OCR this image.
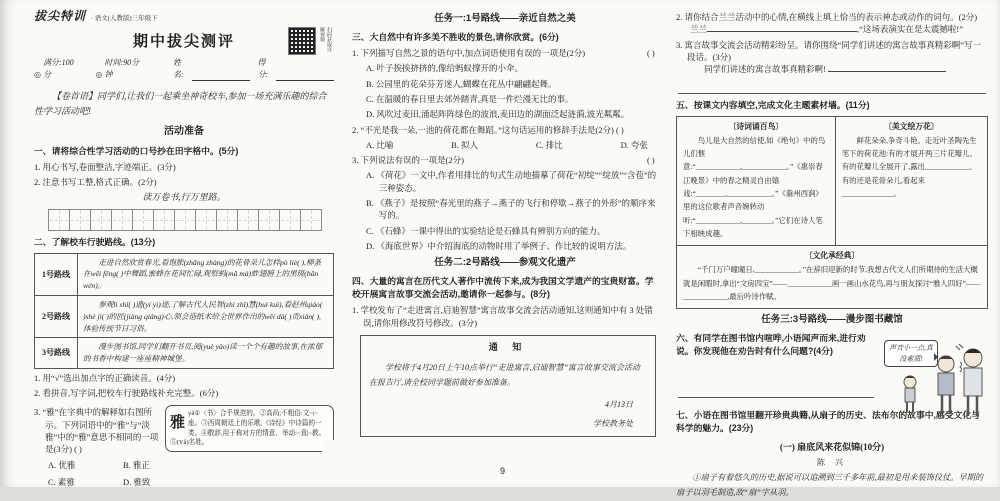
拔尖特训 · 语文(人教版)三年级下
期中拔尖测评	扫码获取详解视频
◎
满分:100分	◎
时间:90分钟
姓名:
得分:
【卷首语】同学们,让我们一起乘坐神奇校车,参加一场充满乐趣的综合性学习活动吧!
活动准备
一、请将综合性学习活动的口号抄在田字格中。(5分)
1. 用心书写,卷面整洁,字迹端正。(3分)
2. 注意书写工整,格式正确。(2分)
读万卷书,行万里路。
二、了解校车行驶路线。(13分)
1号路线	走进自然欣赏春光,看饱胀(zhǎng zhàng)的花骨朵儿怎样pò liè( ),柳条在wēi fēng( )中舞蹈,蜜蜂在花间忙碌,观察蚂(mǎ mà)蚱翅膀上的黑斑(bān wén)。

2号路线	参观lì shǐ( )遗(yí yì)迹,了解古代人民智(zhì zhǐ)慧(huì kuì),看赵州qiáo( )shè jì( )的匠(jiàng qiáng)心,领会造纸术给全世界作出的wěi dà( )贡xiàn( ),体验传统节日习俗。

3号路线	漫步图书馆,同学们翻开书页,阅(yuè yào)读一个个有趣的故事,在浓郁的书香中构建一座座精神城堡。
1. 用“√”选出加点字的正确读音。(4分)
2. 看拼音,写字词,把校车行驶路线补充完整。(6分)
雅
yǎ①〈书〉合乎规范的。②高尚;不粗俗:文~|~座。③西周朝廷上的乐歌,《诗经》中诗篇的一类。④敬辞,用于称对方的情意、举动:~意|~教。⑤(Yǎ)名姓。
3. “雅”在字典中的解释如右图所示。下列词语中的“雅”与“淡雅”中的“雅”意思不相同的一项是(3分) ( )
A. 优雅	B. 雅正
C. 素雅	D. 雅致
任务一:1号路线——亲近自然之美
三、大自然中有许多美不胜收的景色,请你欣赏。(6分)
( )
1. 下列描写自然之景的语句中,加点词语使用有误的一项是(2分)
A. 叶子挨挨挤挤的,像给蚂蚁撑开的小伞。
B. 公园里的花朵芬芳迷人,蝴蝶在花丛中翩翩起舞。
C. 在温暖的春日里去郊外踏青,真是一件烂漫无比的事。
D. 风吹过麦田,涌起阵阵绿色的波浪,麦田边的湖面泛起涟漪,波光粼粼。
2. “不光是我一朵,一池的荷花都在舞蹈。”这句话运用的修辞手法是(2分) ( )
A. 比喻	B. 拟人	C. 排比	D. 夸张
( )
3. 下列说法有误的一项是(2分)
A. 《荷花》一文中,作者用排比的句式生动地描摹了荷花“初绽”“绽放”“含苞”的三种姿态。
B. 《燕子》是按照“春光里的燕子→燕子的飞行和停歇→燕子的外形”的顺序来写的。
C. 《石蜂》一课中得出的实验结论是石蜂具有辨别方向的能力。
D. 《海底世界》中介绍海底的动物时用了举例子、作比较的说明方法。
任务二:2号路线——参观文化遗产
四、大量的寓言在历代文人著作中流传下来,成为我国文学遗产的宝贵财富。学校开展寓言故事交流会活动,邀请你一起参与。(8分)
1. 学校发布了“走进寓言,启迪智慧”寓言故事交流会活动通知,这则通知中有 3 处错误,请你用修改符号修改。(3分)
通 知
学校将于4月20日上午10点举行“走进寓言,启迪智慧”寓言故事交流会活动在报告厅,请全校同学题前做好参加准备。
4月13日
学校教务处
9
2. 请你结合兰兰活动中的心情,在横线上填上恰当的表示神态或动作的词句。(2分)
兰兰	,“这场表演实在是太震撼啦!”
3. 寓言故事交流会活动精彩纷呈。请你围绕“同学们讲述的寓言故事真精彩啊”写一段话。(3分)
同学们讲述的寓言故事真精彩啊!
五、按课文内容填空,完成文化主题素材墙。(11分)
〔诗词诵百鸟〕
鸟儿是大自然的信使,如《绝句》中的鸟儿们惬意:“____________,____________。”《惠崇春江晚景》中的春之精灵自由嬉戏:“________,____________。”《滁州西涧》里的这位歌者声音婉转动听:“____________,________。”它们在诗人笔下相映成趣。
〔美文绘万花〕
鲜花朵朵,争奇斗艳。走近叶圣陶先生笔下的荷花池:有的才展开两三片花瓣儿。有的花瓣儿全展开了,露出____________。有的还是花骨朵儿,看起来______________。
〔文化承经典〕
“千门万户曈曈日,____________。”在辞旧迎新的时节,我想古代文人们所期待的生活大概就是闲暇时,拿出“文房四宝”——____________画一画山水花鸟,再与朋友探讨“雅人四好”——____________,最后吟诗作赋。
任务三:3号路线——漫步图书藏馆
六、有同学在图书馆内喧哗,小语闻声而来,进行劝说。你发现他在劝告时有什么问题?(4分)	声音小一点,真没素质!
七、小语在图书馆里翻开珍贵典籍,从扇子的历史、法布尔的故事中,感受文化与科学的魅力。(23分)
(一) 扇底风来花似锦(10分)
陈 兴
①扇子有着悠久的历史,据说可以追溯到三千多年前,最初是用来装饰仪仗。早期的扇子以羽毛制造,故“扇”字从羽。
